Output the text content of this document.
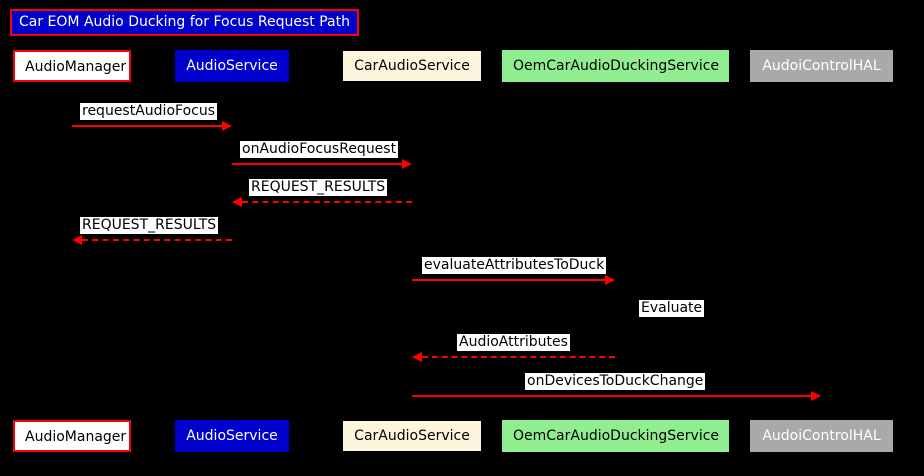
Car EOM Audio Ducking for Focus Request Path
AudioManager	AudioService	CarAudioService	OemCarAudioDuckingService	AudoiControlHAL
AudioManager	AudioService	CarAudioService	OemCarAudioDuckingService	AudoiControlHAL
requestAudioFocus
onAudioFocusRequest
REQUEST_RESULTS
REQUEST_RESULTS
evaluateAttributesToDuck
Evaluate
AudioAttributes
onDevicesToDuckChange
